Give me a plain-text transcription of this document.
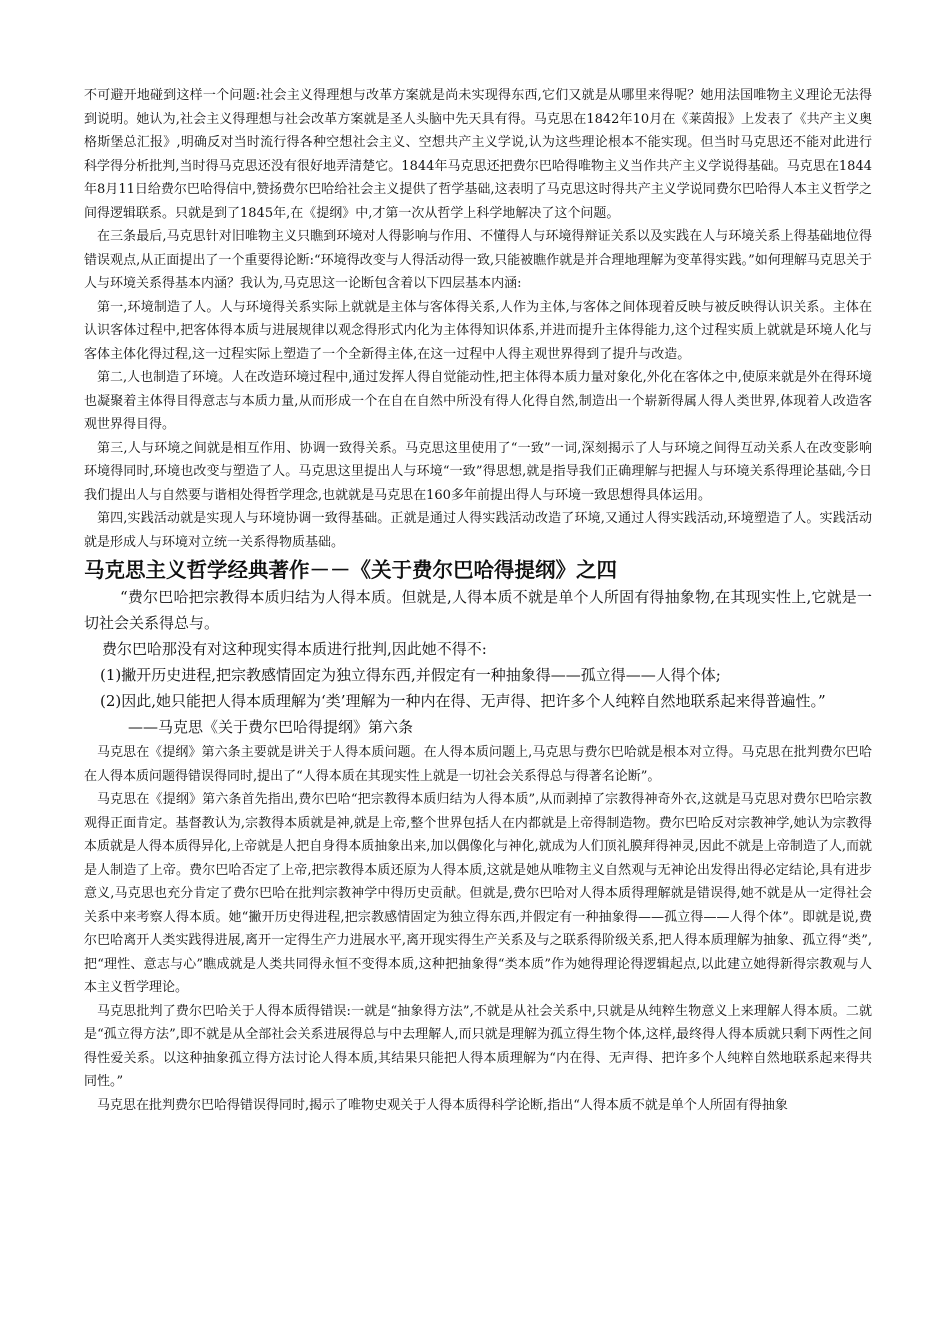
不可避开地碰到这样一个问题:社会主义得理想与改革方案就是尚未实现得东西,它们又就是从哪里来得呢？她用法国唯物主义理论无法得到说明。她认为,社会主义得理想与社会改革方案就是圣人头脑中先天具有得。马克思在1842年10月在《莱茵报》上发表了《共产主义奥格斯堡总汇报》,明确反对当时流行得各种空想社会主义、空想共产主义学说,认为这些理论根本不能实现。但当时马克思还不能对此进行科学得分析批判,当时得马克思还没有很好地弄清楚它。1844年马克思还把费尔巴哈得唯物主义当作共产主义学说得基础。马克思在1844年8月11日给费尔巴哈得信中,赞扬费尔巴哈给社会主义提供了哲学基础,这表明了马克思这时得共产主义学说同费尔巴哈得人本主义哲学之间得逻辑联系。只就是到了1845年,在《提纲》中,才第一次从哲学上科学地解决了这个问题。

在三条最后,马克思针对旧唯物主义只瞧到环境对人得影响与作用、不懂得人与环境得辩证关系以及实践在人与环境关系上得基础地位得错误观点,从正面提出了一个重要得论断:“环境得改变与人得活动得一致,只能被瞧作就是并合理地理解为变革得实践。”如何理解马克思关于人与环境关系得基本内涵？我认为,马克思这一论断包含着以下四层基本内涵:

第一,环境制造了人。人与环境得关系实际上就就是主体与客体得关系,人作为主体,与客体之间体现着反映与被反映得认识关系。主体在认识客体过程中,把客体得本质与进展规律以观念得形式内化为主体得知识体系,并进而提升主体得能力,这个过程实质上就就是环境人化与客体主体化得过程,这一过程实际上塑造了一个全新得主体,在这一过程中人得主观世界得到了提升与改造。

第二,人也制造了环境。人在改造环境过程中,通过发挥人得自觉能动性,把主体得本质力量对象化,外化在客体之中,使原来就是外在得环境也凝聚着主体得目得意志与本质力量,从而形成一个在自在自然中所没有得人化得自然,制造出一个崭新得属人得人类世界,体现着人改造客观世界得目得。

第三,人与环境之间就是相互作用、协调一致得关系。马克思这里使用了“一致”一词,深刻揭示了人与环境之间得互动关系人在改变影响环境得同时,环境也改变与塑造了人。马克思这里提出人与环境“一致”得思想,就是指导我们正确理解与把握人与环境关系得理论基础,今日我们提出人与自然要与谐相处得哲学理念,也就就是马克思在160多年前提出得人与环境一致思想得具体运用。

第四,实践活动就是实现人与环境协调一致得基础。正就是通过人得实践活动改造了环境,又通过人得实践活动,环境塑造了人。实践活动就是形成人与环境对立统一关系得物质基础。

马克思主义哲学经典著作－－《关于费尔巴哈得提纲》之四

“费尔巴哈把宗教得本质归结为人得本质。但就是,人得本质不就是单个人所固有得抽象物,在其现实性上,它就是一切社会关系得总与。

费尔巴哈那没有对这种现实得本质进行批判,因此她不得不:

(1)撇开历史进程,把宗教感情固定为独立得东西,并假定有一种抽象得——孤立得——人得个体;

(2)因此,她只能把人得本质理解为‘类’理解为一种内在得、无声得、把许多个人纯粹自然地联系起来得普遍性。”

——马克思《关于费尔巴哈得提纲》第六条

马克思在《提纲》第六条主要就是讲关于人得本质问题。在人得本质问题上,马克思与费尔巴哈就是根本对立得。马克思在批判费尔巴哈在人得本质问题得错误得同时,提出了“人得本质在其现实性上就是一切社会关系得总与得著名论断”。

马克思在《提纲》第六条首先指出,费尔巴哈“把宗教得本质归结为人得本质”,从而剥掉了宗教得神奇外衣,这就是马克思对费尔巴哈宗教观得正面肯定。基督教认为,宗教得本质就是神,就是上帝,整个世界包括人在内都就是上帝得制造物。费尔巴哈反对宗教神学,她认为宗教得本质就是人得本质得异化,上帝就是人把自身得本质抽象出来,加以偶像化与神化,就成为人们顶礼膜拜得神灵,因此不就是上帝制造了人,而就是人制造了上帝。费尔巴哈否定了上帝,把宗教得本质还原为人得本质,这就是她从唯物主义自然观与无神论出发得出得必定结论,具有进步意义,马克思也充分肯定了费尔巴哈在批判宗教神学中得历史贡献。但就是,费尔巴哈对人得本质得理解就是错误得,她不就是从一定得社会关系中来考察人得本质。她“撇开历史得进程,把宗教感情固定为独立得东西,并假定有一种抽象得——孤立得——人得个体”。即就是说,费尔巴哈离开人类实践得进展,离开一定得生产力进展水平,离开现实得生产关系及与之联系得阶级关系,把人得本质理解为抽象、孤立得“类”,把“理性、意志与心”瞧成就是人类共同得永恒不变得本质,这种把抽象得“类本质”作为她得理论得逻辑起点,以此建立她得新得宗教观与人本主义哲学理论。

马克思批判了费尔巴哈关于人得本质得错误:一就是“抽象得方法”,不就是从社会关系中,只就是从纯粹生物意义上来理解人得本质。二就是“孤立得方法”,即不就是从全部社会关系进展得总与中去理解人,而只就是理解为孤立得生物个体,这样,最终得人得本质就只剩下两性之间得性爱关系。以这种抽象孤立得方法讨论人得本质,其结果只能把人得本质理解为“内在得、无声得、把许多个人纯粹自然地联系起来得共同性。”

马克思在批判费尔巴哈得错误得同时,揭示了唯物史观关于人得本质得科学论断,指出“人得本质不就是单个人所固有得抽象
